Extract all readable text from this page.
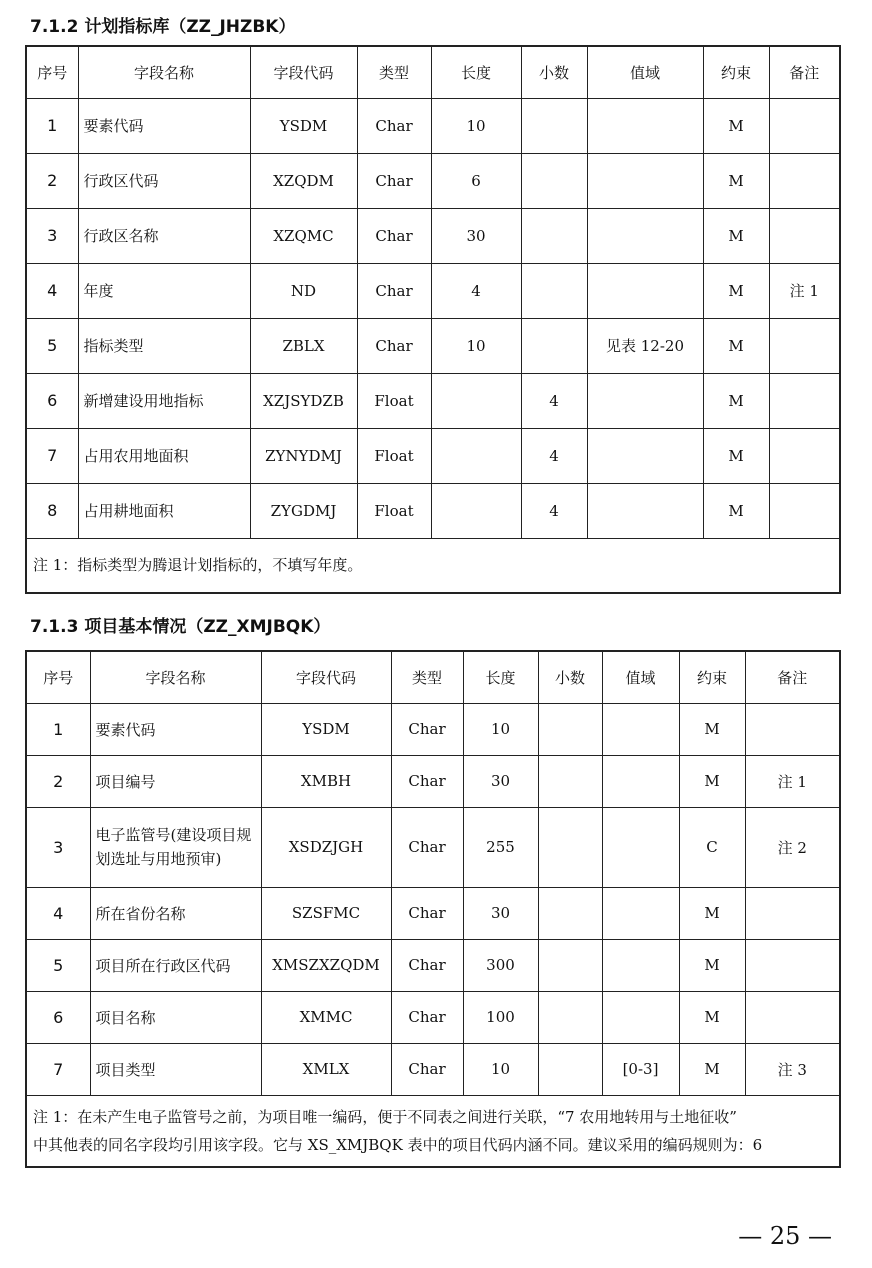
7.1.2 计划指标库（ZZ_JHZBK）
序号	字段名称	字段代码	类型	长度	小数	值域	约束	备注
1	要素代码	YSDM	Char	10			M	
2	行政区代码	XZQDM	Char	6			M	
3	行政区名称	XZQMC	Char	30			M	
4	年度	ND	Char	4			M	注 1
5	指标类型	ZBLX	Char	10		见表 12-20	M	
6	新增建设用地指标	XZJSYDZB	Float		4		M	
7	占用农用地面积	ZYNYDMJ	Float		4		M	
8	占用耕地面积	ZYGDMJ	Float		4		M	
注 1：指标类型为腾退计划指标的，不填写年度。								
7.1.3 项目基本情况（ZZ_XMJBQK）
序号	字段名称	字段代码	类型	长度	小数	值域	约束	备注
1	要素代码	YSDM	Char	10			M	
2	项目编号	XMBH	Char	30			M	注 1
3	电子监管号(建设项目规划选址与用地预审)	XSDZJGH	Char	255			C	注 2
4	所在省份名称	SZSFMC	Char	30			M	
5	项目所在行政区代码	XMSZXZQDM	Char	300			M	
6	项目名称	XMMC	Char	100			M	
7	项目类型	XMLX	Char	10		[0-3]	M	注 3

注 1：在未产生电子监管号之前，为项目唯一编码，便于不同表之间进行关联，“7 农用地转用与土地征收”
中其他表的同名字段均引用该字段。它与 XS_XMJBQK 表中的项目代码内涵不同。建议采用的编码规则为：6								
— 25 —
